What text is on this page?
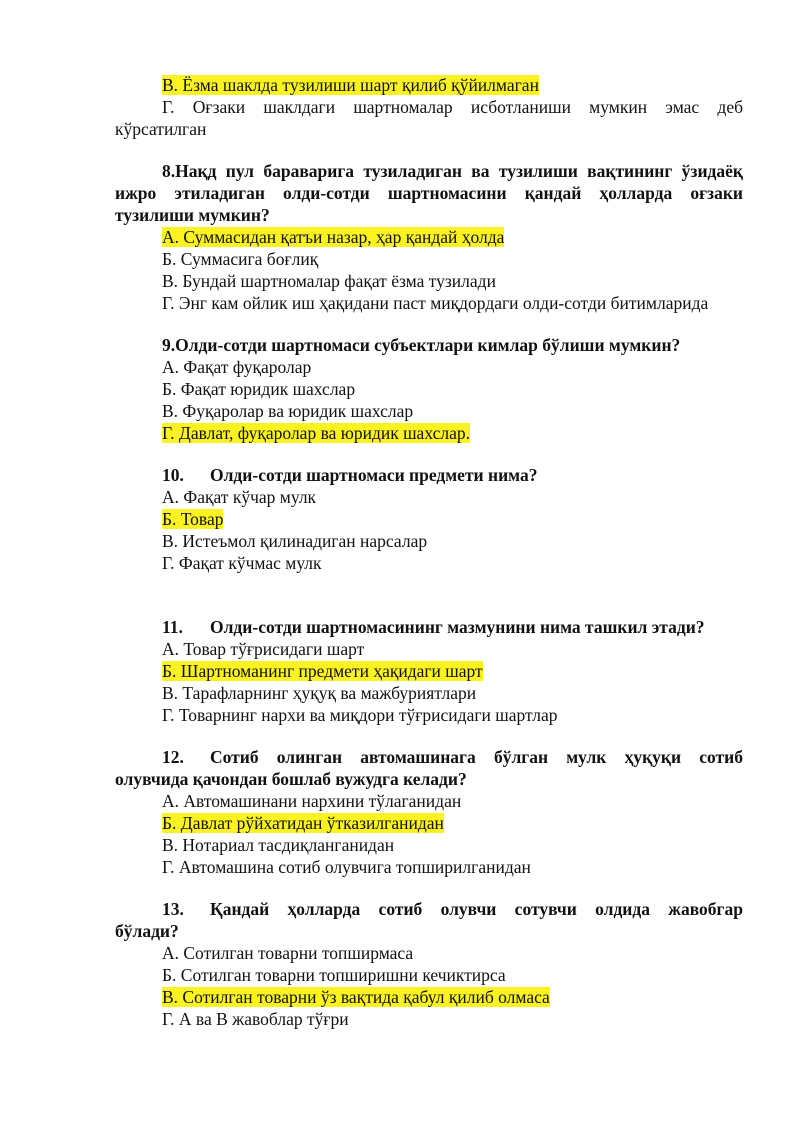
В. Ёзма шаклда тузилиши шарт қилиб қўйилмаган
Г. Оғзаки шаклдаги шартномалар исботланиши мумкин эмас деб
кўрсатилган
8.Нақд пул бараварига тузиладиган ва тузилиши вақтининг ўзидаёқ
ижро этиладиган олди-сотди шартномасини қандай ҳолларда оғзаки
тузилиши мумкин?
А. Суммасидан қатъи назар, ҳар қандай ҳолда
Б. Суммасига боғлиқ
В. Бундай шартномалар фақат ёзма тузилади
Г. Энг кам ойлик иш ҳақидани паст миқдордаги олди-сотди битимларида
9.Олди-сотди шартномаси субъектлари кимлар бўлиши мумкин?
А. Фақат фуқаролар
Б. Фақат юридик шахслар
В. Фуқаролар ва юридик шахслар
Г. Давлат, фуқаролар ва юридик шахслар.
10. Олди-сотди шартномаси предмети нима?
А. Фақат кўчар мулк
Б. Товар
В. Истеъмол қилинадиган нарсалар
Г. Фақат кўчмас мулк
11. Олди-сотди шартномасининг мазмунини нима ташкил этади?
А. Товар тўғрисидаги шарт
Б. Шартноманинг предмети ҳақидаги шарт
В. Тарафларнинг ҳуқуқ ва мажбуриятлари
Г. Товарнинг нархи ва миқдори тўғрисидаги шартлар
12.	Сотиб олинган автомашинага бўлган мулк ҳуқуқи сотиб
олувчида қачондан бошлаб вужудга келади?
А. Автомашинани нархини тўлаганидан
Б. Давлат рўйхатидан ўтказилганидан
В. Нотариал тасдиқланганидан
Г. Автомашина сотиб олувчига топширилганидан
13.	Қандай ҳолларда сотиб олувчи сотувчи олдида жавобгар
бўлади?
А. Сотилган товарни топширмаса
Б. Сотилган товарни топширишни кечиктирса
В. Сотилган товарни ўз вақтида қабул қилиб олмаса
Г. А ва В жавоблар тўғри
